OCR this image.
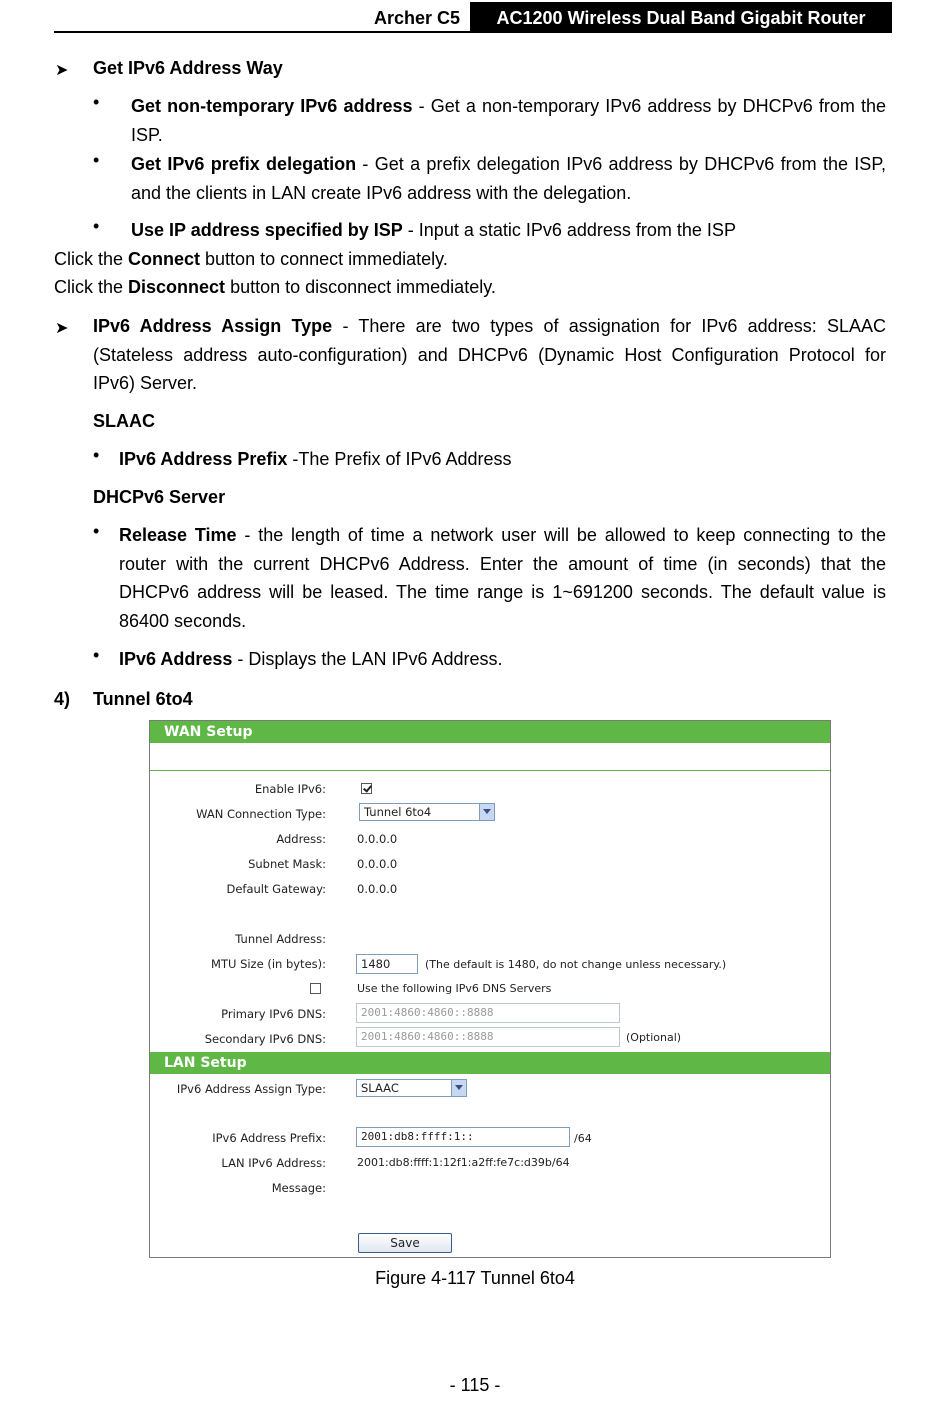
Archer C5	AC1200 Wireless Dual Band Gigabit Router
➤ Get IPv6 Address Way
• Get non-temporary IPv6 address - Get a non-temporary IPv6 address by DHCPv6 from the ISP.
• Get IPv6 prefix delegation - Get a prefix delegation IPv6 address by DHCPv6 from the ISP, and the clients in LAN create IPv6 address with the delegation.
• Use IP address specified by ISP - Input a static IPv6 address from the ISP
Click the Connect button to connect immediately.
Click the Disconnect button to disconnect immediately.
➤ IPv6 Address Assign Type - There are two types of assignation for IPv6 address: SLAAC (Stateless address auto-configuration) and DHCPv6 (Dynamic Host Configuration Protocol for IPv6) Server.
SLAAC
• IPv6 Address Prefix -The Prefix of IPv6 Address
DHCPv6 Server
• Release Time - the length of time a network user will be allowed to keep connecting to the router with the current DHCPv6 Address. Enter the amount of time (in seconds) that the DHCPv6 address will be leased. The time range is 1~691200 seconds. The default value is 86400 seconds.
• IPv6 Address - Displays the LAN IPv6 Address.
4) Tunnel 6to4
WAN Setup
Enable IPv6:
WAN Connection Type:	Tunnel 6to4
Address:	0.0.0.0
Subnet Mask:	0.0.0.0
Default Gateway:	0.0.0.0
Tunnel Address:
MTU Size (in bytes):	1480	(The default is 1480, do not change unless necessary.)
Use the following IPv6 DNS Servers
Primary IPv6 DNS:	2001:4860:4860::8888
Secondary IPv6 DNS:	2001:4860:4860::8888	(Optional)
LAN Setup
IPv6 Address Assign Type:	SLAAC
IPv6 Address Prefix:	2001:db8:ffff:1::	/64
LAN IPv6 Address:	2001:db8:ffff:1:12f1:a2ff:fe7c:d39b/64
Message:
Save
Figure 4-117 Tunnel 6to4
- 115 -
